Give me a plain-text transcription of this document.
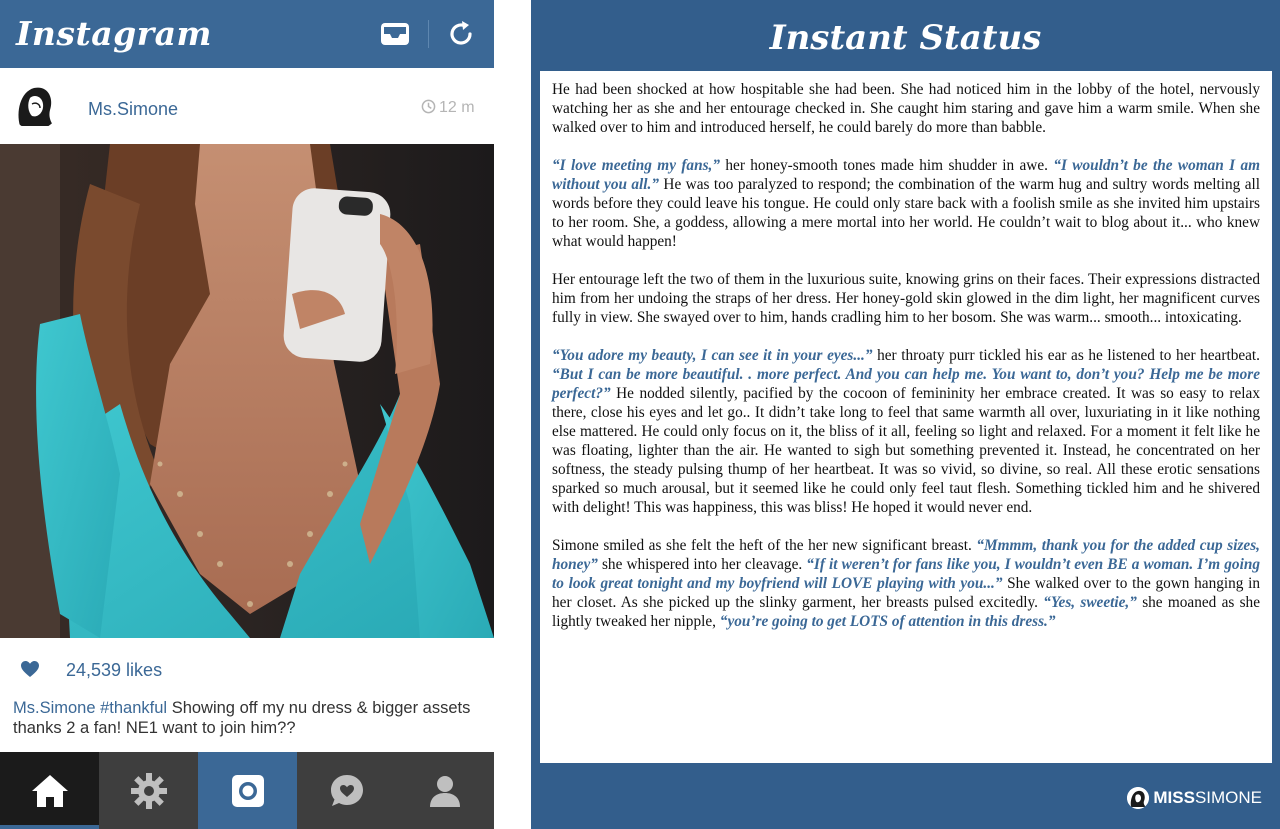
Instagram
Ms.Simone	12 m
24,539 likes
Ms.Simone #thankful Showing off my nu dress & bigger assets thanks 2 a fan! NE1 want to join him??
Instant Status

He had been shocked at how hospitable she had been. She had noticed him in the lobby of the hotel, nervously watching her as she and her entourage checked in. She caught him staring and gave him a warm smile. When she walked over to him and introduced herself, he could barely do more than babble.

“I love meeting my fans,” her honey-smooth tones made him shudder in awe. “I wouldn’t be the woman I am without you all.” He was too paralyzed to respond; the combination of the warm hug and sultry words melting all words before they could leave his tongue. He could only stare back with a foolish smile as she invited him upstairs to her room. She, a goddess, allowing a mere mortal into her world. He couldn’t wait to blog about it... who knew what would happen!

Her entourage left the two of them in the luxurious suite, knowing grins on their faces. Their expressions distracted him from her undoing the straps of her dress. Her honey-gold skin glowed in the dim light, her magnificent curves fully in view. She swayed over to him, hands cradling him to her bosom. She was warm... smooth... intoxicating.

“You adore my beauty, I can see it in your eyes...” her throaty purr tickled his ear as he listened to her heartbeat. “But I can be more beautiful. . more perfect. And you can help me. You want to, don’t you? Help me be more perfect?” He nodded silently, pacified by the cocoon of femininity her embrace created. It was so easy to relax there, close his eyes and let go.. It didn’t take long to feel that same warmth all over, luxuriating in it like nothing else mattered. He could only focus on it, the bliss of it all, feeling so light and relaxed. For a moment it felt like he was floating, lighter than the air. He wanted to sigh but something prevented it. Instead, he concentrated on her softness, the steady pulsing thump of her heartbeat. It was so vivid, so divine, so real. All these erotic sensations sparked so much arousal, but it seemed like he could only feel taut flesh. Something tickled him and he shivered with delight! This was happiness, this was bliss! He hoped it would never end.

Simone smiled as she felt the heft of the her new significant breast. “Mmmm, thank you for the added cup sizes, honey” she whispered into her cleavage. “If it weren’t for fans like you, I wouldn’t even BE a woman. I’m going to look great tonight and my boyfriend will LOVE playing with you...” She walked over to the gown hanging in her closet. As she picked up the slinky garment, her breasts pulsed excitedly. “Yes, sweetie,” she moaned as she lightly tweaked her nipple, “you’re going to get LOTS of attention in this dress.”

MISS SIMONE
